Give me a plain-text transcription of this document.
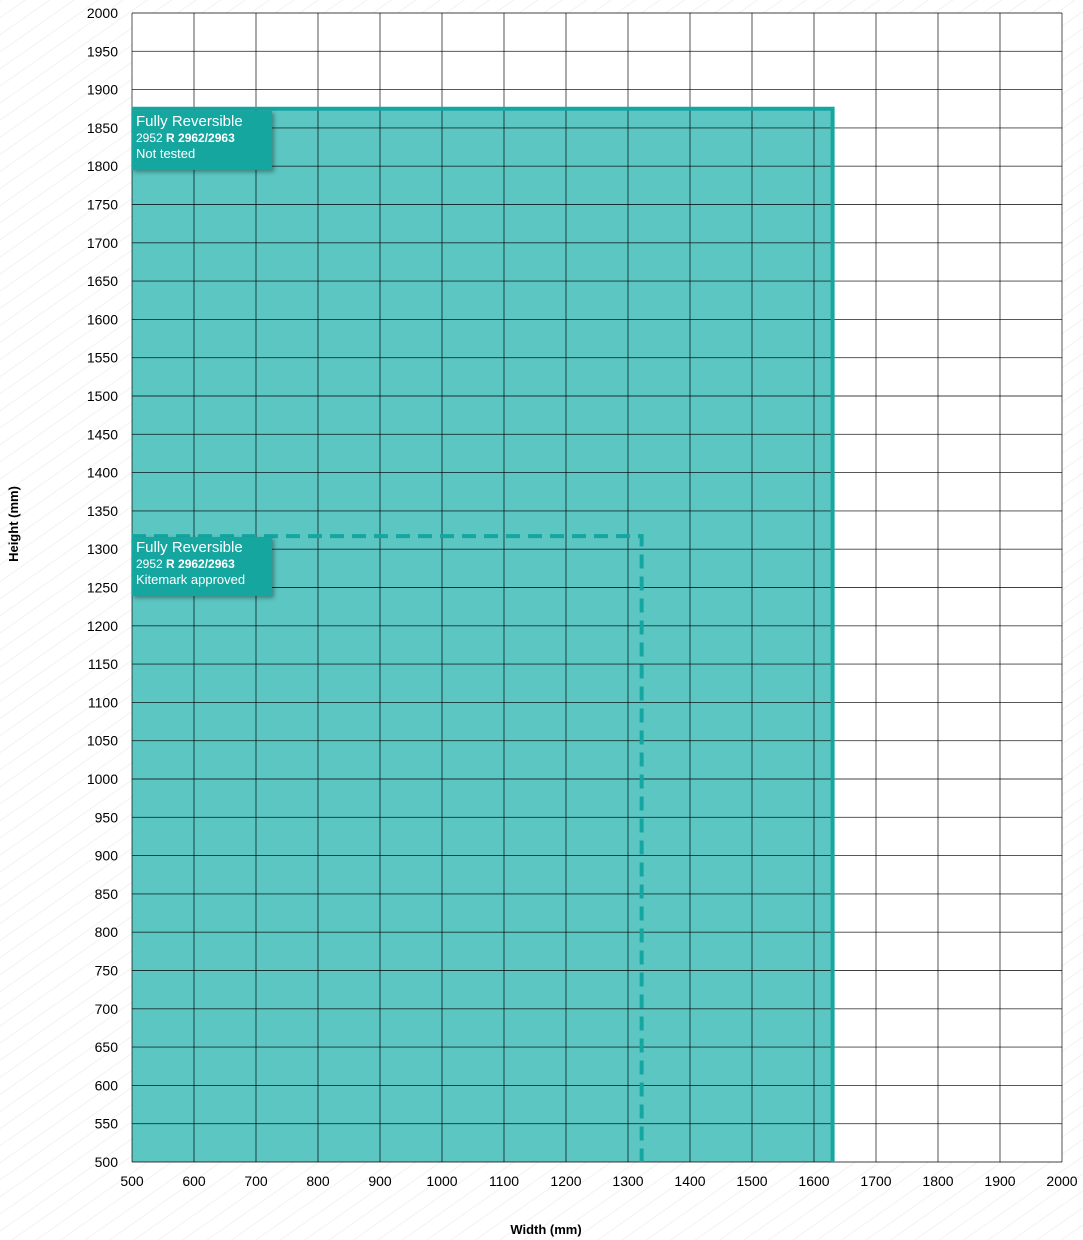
500	600	700	800	900 1000 1100 1200 1300 1400 1500 1600 1700 1800 1900 2000
500
550
600
650
700
750
800
850
900
950
1000
1050
1100
1150
1200
1250
1300
1350
1400
1450
1500
1550
1600
1650
1700
1750
1800
1850
1900
1950
2000
Width (mm)
Height (mm)
Fully Reversible
2952 R 2962/2963
Not tested
Fully Reversible
2952 R 2962/2963
Kitemark approved
